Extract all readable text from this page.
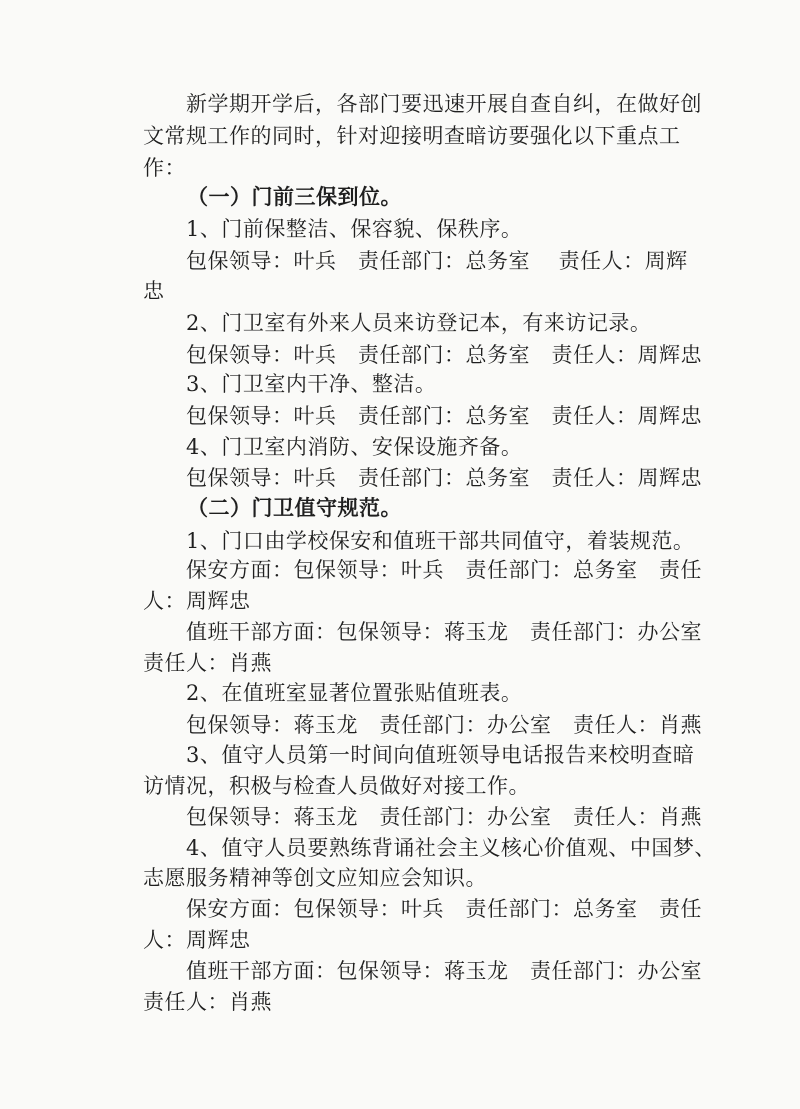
新学期开学后，各部门要迅速开展自查自纠，在做好创
文常规工作的同时，针对迎接明查暗访要强化以下重点工
作：
（一）门前三保到位。
1、门前保整洁、保容貌、保秩序。
包保领导：叶兵　责任部门：总务室　 责任人：周辉
忠
2、门卫室有外来人员来访登记本，有来访记录。
包保领导：叶兵　责任部门：总务室　责任人：周辉忠
3、门卫室内干净、整洁。
包保领导：叶兵　责任部门：总务室　责任人：周辉忠
4、门卫室内消防、安保设施齐备。
包保领导：叶兵　责任部门：总务室　责任人：周辉忠
（二）门卫值守规范。
1、门口由学校保安和值班干部共同值守，着装规范。
保安方面：包保领导：叶兵　责任部门：总务室　责任
人：周辉忠
值班干部方面：包保领导：蒋玉龙　责任部门：办公室
责任人：肖燕
2、在值班室显著位置张贴值班表。
包保领导：蒋玉龙　责任部门：办公室　责任人：肖燕
3、值守人员第一时间向值班领导电话报告来校明查暗
访情况，积极与检查人员做好对接工作。
包保领导：蒋玉龙　责任部门：办公室　责任人：肖燕
4、值守人员要熟练背诵社会主义核心价值观、中国梦、
志愿服务精神等创文应知应会知识。
保安方面：包保领导：叶兵　责任部门：总务室　责任
人：周辉忠
值班干部方面：包保领导：蒋玉龙　责任部门：办公室
责任人：肖燕
